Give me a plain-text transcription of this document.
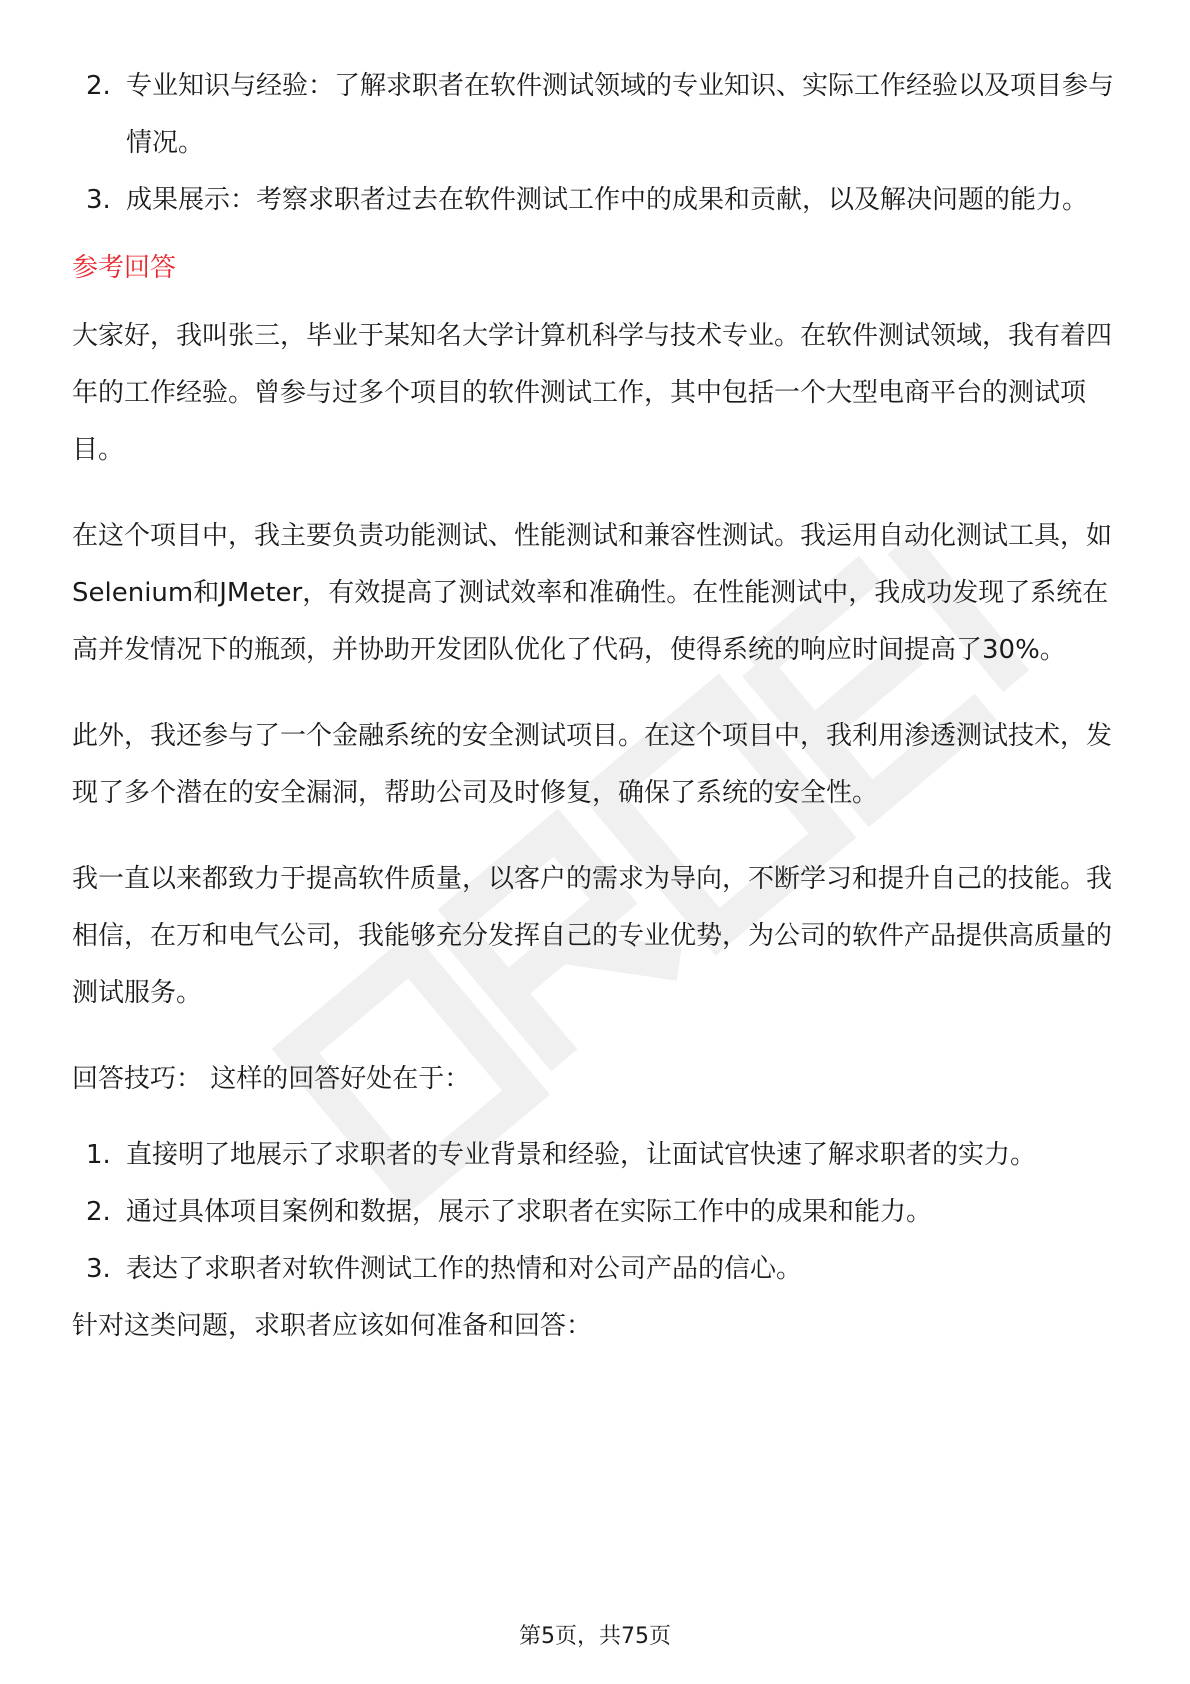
2. 专业知识与经验：了解求职者在软件测试领域的专业知识、实际工作经验以及项目参与情况。
3. 成果展示：考察求职者过去在软件测试工作中的成果和贡献，以及解决问题的能力。
参考回答

大家好，我叫张三，毕业于某知名大学计算机科学与技术专业。在软件测试领域，我有着四年的工作经验。曾参与过多个项目的软件测试工作，其中包括一个大型电商平台的测试项目。

在这个项目中，我主要负责功能测试、性能测试和兼容性测试。我运用自动化测试工具，如Selenium和JMeter，有效提高了测试效率和准确性。在性能测试中，我成功发现了系统在高并发情况下的瓶颈，并协助开发团队优化了代码，使得系统的响应时间提高了30%。

此外，我还参与了一个金融系统的安全测试项目。在这个项目中，我利用渗透测试技术，发现了多个潜在的安全漏洞，帮助公司及时修复，确保了系统的安全性。

我一直以来都致力于提高软件质量，以客户的需求为导向，不断学习和提升自己的技能。我相信，在万和电气公司，我能够充分发挥自己的专业优势，为公司的软件产品提供高质量的测试服务。

回答技巧： 这样的回答好处在于：

1. 直接明了地展示了求职者的专业背景和经验，让面试官快速了解求职者的实力。
2. 通过具体项目案例和数据，展示了求职者在实际工作中的成果和能力。
3. 表达了求职者对软件测试工作的热情和对公司产品的信心。

针对这类问题，求职者应该如何准备和回答：

第5页，共75页
